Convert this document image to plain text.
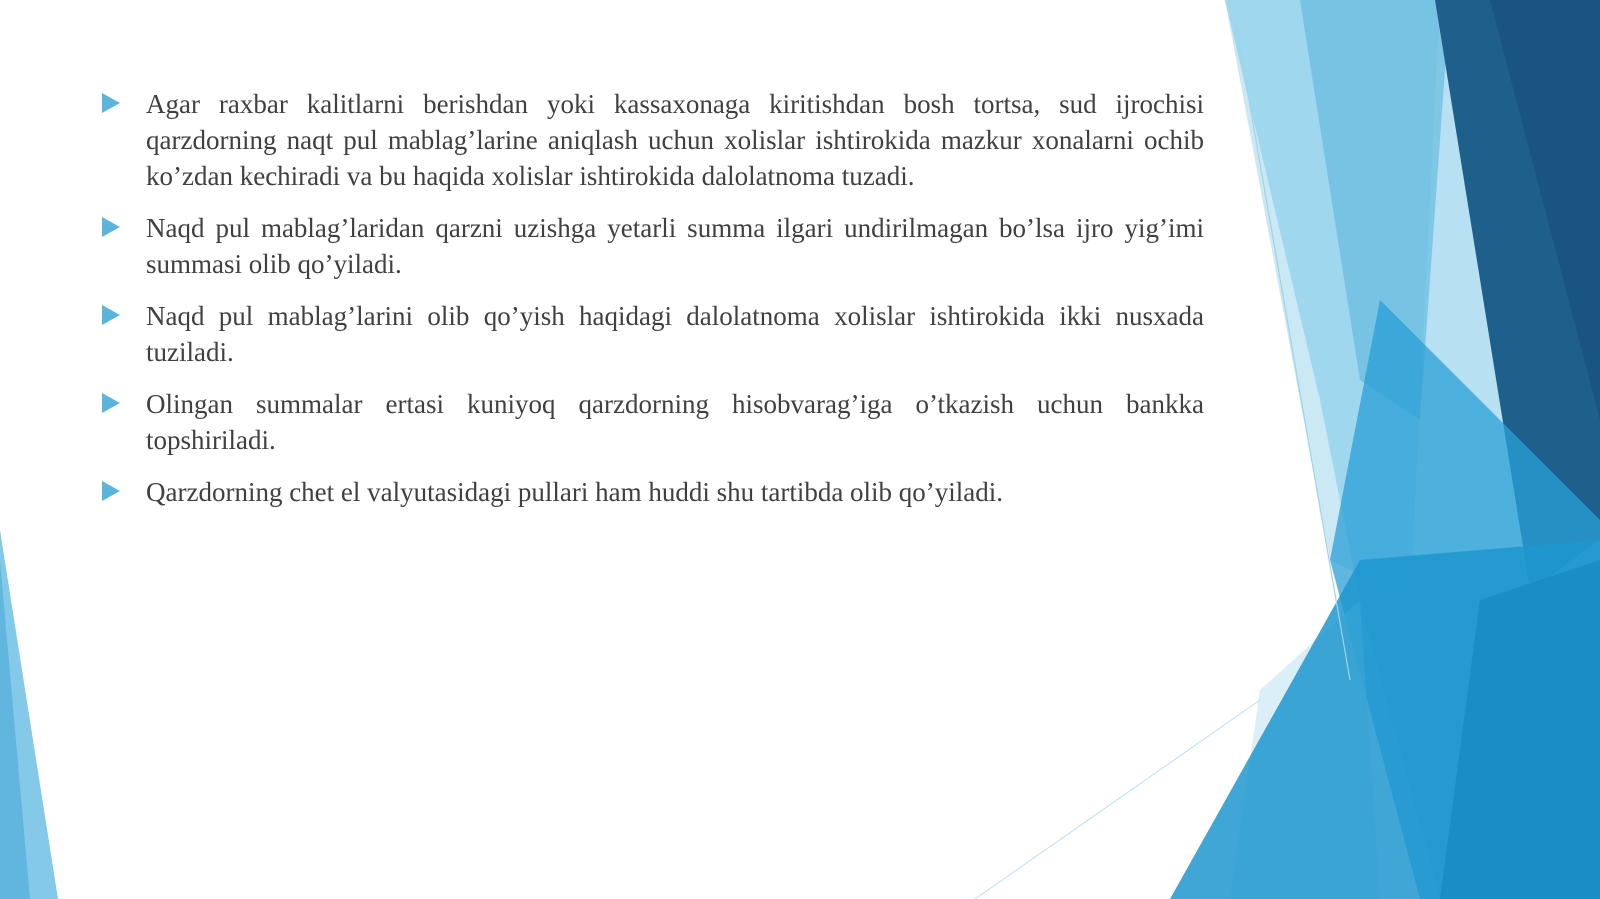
Agar raxbar kalitlarni berishdan yoki kassaxonaga kiritishdan bosh tortsa, sud ijrochisi qarzdorning naqt pul mablag’larine aniqlash uchun xolislar ishtirokida mazkur xonalarni ochib ko’zdan kechiradi va bu haqida xolislar ishtirokida dalolatnoma tuzadi.
Naqd pul mablag’laridan qarzni uzishga yetarli summa ilgari undirilmagan bo’lsa ijro yig’imi summasi olib qo’yiladi.
Naqd pul mablag’larini olib qo’yish haqidagi dalolatnoma xolislar ishtirokida ikki nusxada tuziladi.
Olingan summalar ertasi kuniyoq qarzdorning hisobvarag’iga o’tkazish uchun bankka topshiriladi.
Qarzdorning chet el valyutasidagi pullari ham huddi shu tartibda olib qo’yiladi.
